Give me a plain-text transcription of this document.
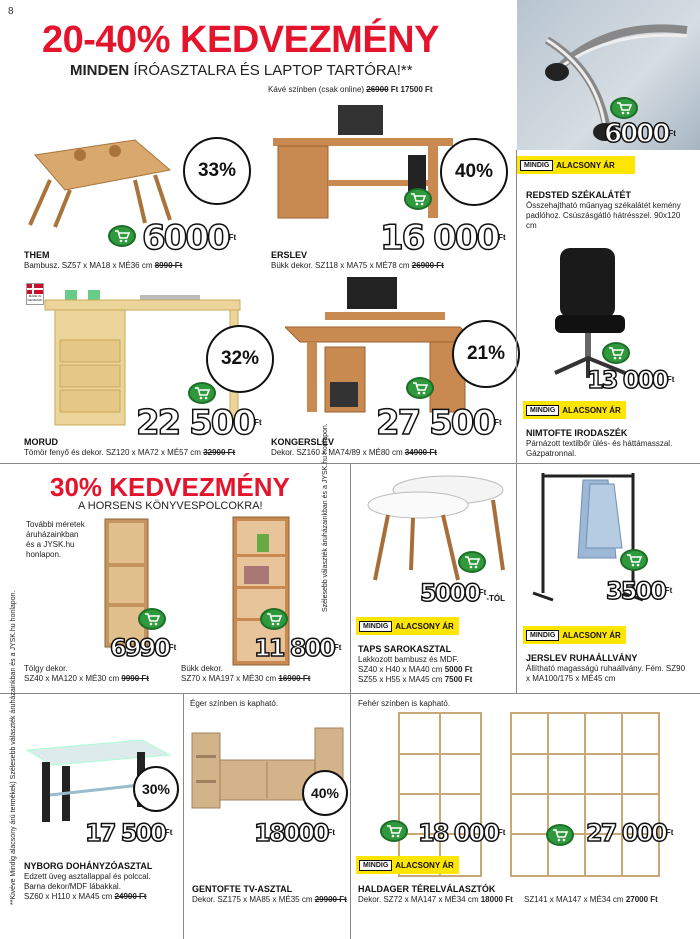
8
20-40% KEDVEZMÉNY
MINDEN ÍRÓASZTALRA ÉS LAPTOP TARTÓRA!**
Kávé színben (csak online) 26900 Ft 17500 Ft
$6000^{Ft}$
REDSTED SZÉKALÁTÉT
Összehajtható műanyag székalátét kemény padlóhoz. Csúszásgátló hátrésszel. 90x120 cm
MINDIG ALACSONY ÁR
33%
$6000^{Ft}$
THEM
Bambusz. SZ57 x MA18 x MÉ36 cm 8990 Ft
40%
16 $000^{Ft}$
ERSLEV
Bükk dekor. SZ118 x MA75 x MÉ78 cm 26900 Ft
MADE IN DENMARK
32%
22 $500^{Ft}$
MORUD
Tömör fenyő és dekor. SZ120 x MA72 x MÉ57 cm 32900 Ft
21%
27 $500^{Ft}$
KONGERSLEV
Dekor. SZ160 x MA74/89 x MÉ80 cm 34900 Ft
13 $000^{Ft}$
MINDIG ALACSONY ÁR
NIMTOFTE IRODASZÉK
Párnázott textilbőr ülés- és háttámasszal. Gázpatronnal.
30% KEDVEZMÉNY
A HORSENS KÖNYVESPOLCOKRA!
További méretek
áruházainkban
és a JYSK.hu
honlapon.
$6990^{Ft}$
Tölgy dekor.
SZ40 x MA120 x MÉ30 cm 9990 Ft
11 $800^{Ft}$
Bükk dekor.
SZ70 x MA197 x MÉ30 cm 16900 Ft
Szélesebb választék áruházainkban és a JYSK.hu honlapon.	$5000^{Ft}$-TÓL
MINDIG ALACSONY ÁR
TAPS SAROKASZTAL
Lakkozott bambusz és MDF.
SZ40 x H40 x MA40 cm 5000 Ft
SZ55 x H55 x MA45 cm 7500 Ft
$3500^{Ft}$
MINDIG ALACSONY ÁR
JERSLEV RUHAÁLLVÁNY
Állítható magasságú ruhaállvány. Fém. SZ90 x MA100/175 x MÉ45 cm
**Kivéve Mindig alacsony árú termékek) Szélesebb választék áruházainkban és a JYSK.hu honlapon.	30%
17 $500^{Ft}$
NYBORG DOHÁNYZÓASZTAL
Edzett üveg asztallappal és polccal.
Barna dekor/MDF lábakkal.
SZ60 x H110 x MA45 cm 24900 Ft
Éger színben is kapható.
40%
$18000^{Ft}$
GENTOFTE TV-ASZTAL
Dekor. SZ175 x MA85 x MÉ35 cm 29900 Ft
Fehér színben is kapható.
18 $000^{Ft}$	27 $000^{Ft}$
MINDIG ALACSONY ÁR
HALDAGER TÉRELVÁLASZTÓK
Dekor. SZ72 x MA147 x MÉ34 cm 18000 Ft SZ141 x MA147 x MÉ34 cm 27000 Ft
